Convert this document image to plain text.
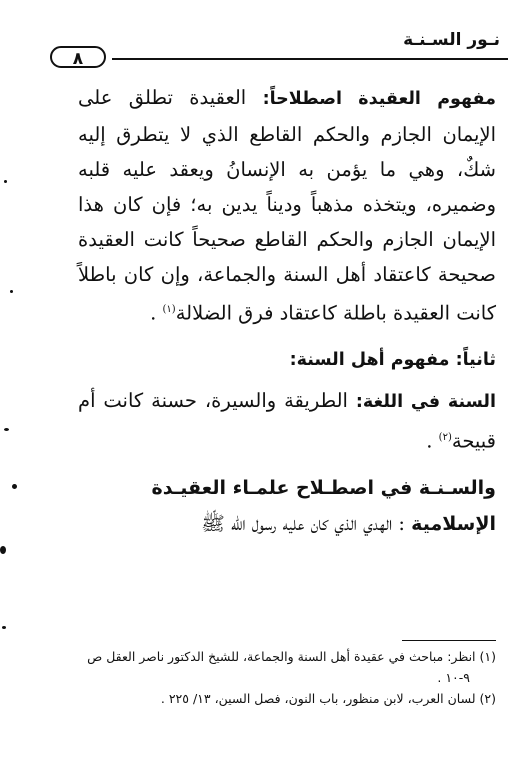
نـور السـنـة
٨

مفهوم العقيدة اصطلاحاً: العقيدة تطلق على الإيمان الجازم والحكم القاطع الذي لا يتطرق إليه شكٌ، وهي ما يؤمن به الإنسانُ ويعقد عليه قلبه وضميره، ويتخذه مذهباً وديناً يدين به؛ فإن كان هذا الإيمان الجازم والحكم القاطع صحيحاً كانت العقيدة صحيحة كاعتقاد أهل السنة والجماعة، وإن كان باطلاً كانت العقيدة باطلة كاعتقاد فرق الضلالة$^{(١)}$ .

ثانياً: مفهوم أهل السنة:

السنة في اللغة: الطريقة والسيرة، حسنة كانت أم قبيحة$^{(٢)}$ .

والسـنـة في اصطـلاح علمـاء العقيـدة
الإسلامية : الهدي الذي كان عليه رسول الله ﷺ

(١) انظر: مباحث في عقيدة أهل السنة والجماعة، للشيخ الدكتور ناصر العقل ص ٩-١٠ .

(٢) لسان العرب، لابن منظور، باب النون، فصل السين، ١٣/ ٢٢٥ .
